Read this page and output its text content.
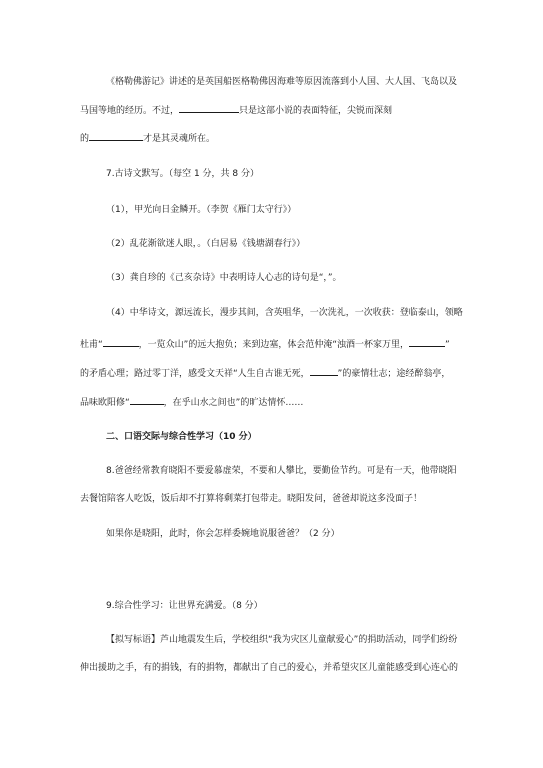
《格勒佛游记》讲述的是英国船医格勒佛因海难等原因流落到小人国、大人国、飞岛以及
马国等地的经历。不过，	只是这部小说的表面特征，尖锐而深刻
的	才是其灵魂所在。
7.古诗文默写。（每空 1 分，共 8 分）
（1），甲光向日金鳞开。（李贺《雁门太守行》）
（2）乱花渐欲迷人眼，。（白居易《钱塘湖春行》）
（3）龚自珍的《己亥杂诗》中表明诗人心志的诗句是“，”。
（4）中华诗文，源远流长，漫步其间，含英咀华，一次洗礼，一次收获：登临泰山，领略
杜甫“	，一览众山”的远大抱负；来到边塞，体会范仲淹“浊酒一杯家万里，	”
的矛盾心理；路过零丁洋，感受文天祥“人生自古谁无死，	”的豪情壮志；途经醉翁亭，
品味欧阳修“	，在乎山水之间也”的旷达情怀……
二、口语交际与综合性学习（10 分）
8.爸爸经常教育晓阳不要爱慕虚荣，不要和人攀比，要勤俭节约。可是有一天，他带晓阳
去餐馆陪客人吃饭，饭后却不打算将剩菜打包带走。晓阳发问，爸爸却说这多没面子！
如果你是晓阳，此时，你会怎样委婉地说服爸爸？（2 分）
9.综合性学习：让世界充满爱。（8 分）
【拟写标语】芦山地震发生后，学校组织“我为灾区儿童献爱心”的捐助活动，同学们纷纷
伸出援助之手，有的捐钱，有的捐物，都献出了自己的爱心，并希望灾区儿童能感受到心连心的
